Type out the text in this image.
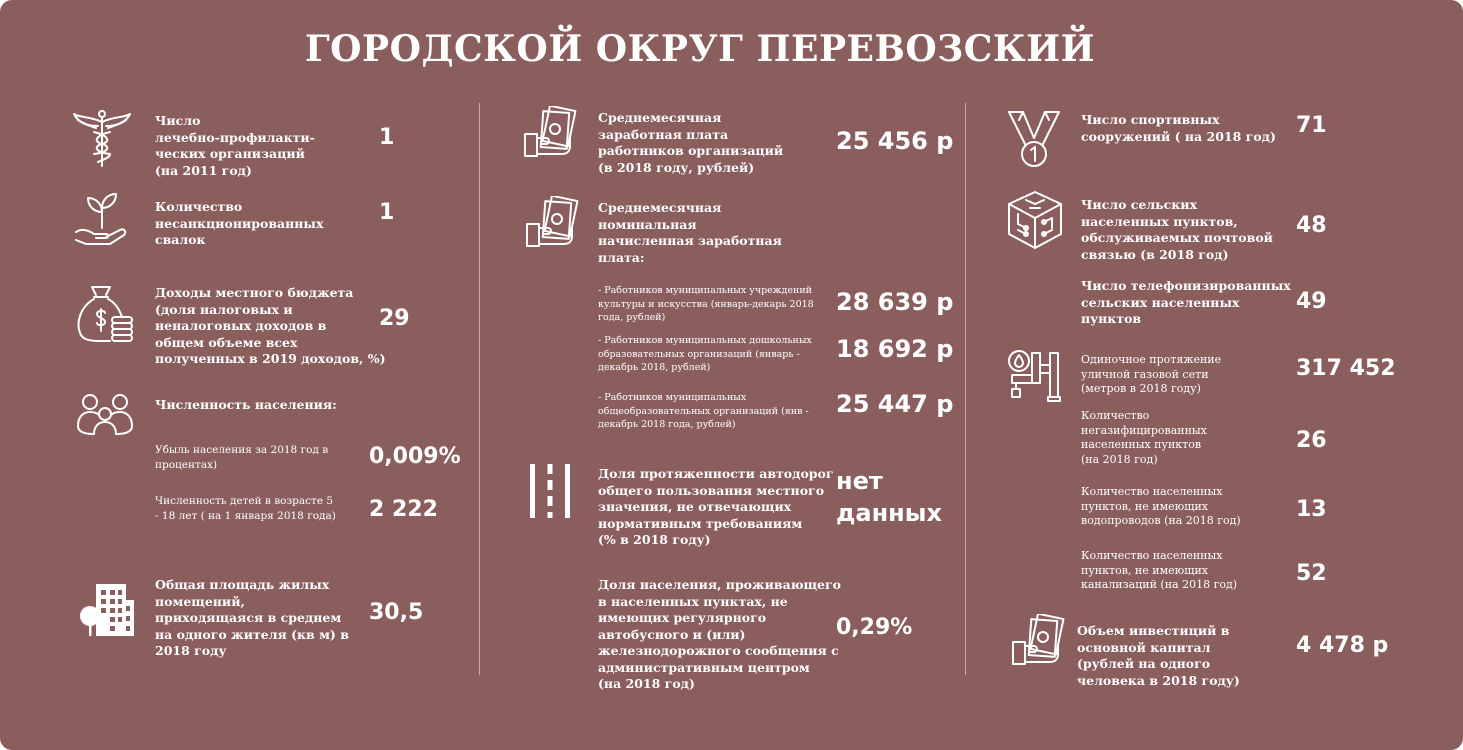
ГОРОДСКОЙ ОКРУГ ПЕРЕВОЗСКИЙ
Число
лечебно-профилакти-
ческих организаций
(на 2011 год)
1
Количество
несанкционированных
свалок
1
Доходы местного бюджета
(доля налоговых и
неналоговых доходов в
общем объеме всех
полученных в 2019 доходов, %)
29
Численность населения:
Убыль населения за 2018 год в
процентах)	0,009%
Численность детей в возрасте 5
- 18 лет ( на 1 января 2018 года) 2 222
Общая площадь жилых
помещений,
приходящаяся в среднем
на одного жителя (кв м) в
2018 году
30,5
Среднемесячная
заработная плата
работников организаций
(в 2018 году, рублей)
25 456 р
Среднемесячная
номинальная
начисленная заработная
плата:
- Работников муниципальных учреждений
культуры и искусства (январь-декарь 2018
года, рублей)
28 639 р
- Работников муниципальных дошкольных
образовательных организаций (январь -
декабрь 2018, рублей)
18 692 р
- Работников муниципальных
общеобразовательных организаций (янв -
декабрь 2018 года, рублей)
25 447 р
Доля протяженности автодорог
общего пользования местного
значения, не отвечающих
нормативным требованиям
(% в 2018 году)
нет
данных
Доля населения, проживающего
в населенных пунктах, не
имеющих регулярного
автобусного и (или)
железнодорожного сообщения с
административным центром
(на 2018 год)
0,29%
Число спортивных
сооружений ( на 2018 год) 71
Число сельских
населенных пунктов,
обслуживаемых почтовой
связью (в 2018 год)
48
Число телефонизированных
сельских населенных
пунктов
49
Одиночное протяжение
уличной газовой сети
(метров в 2018 году)
317 452
Количество
негазифицированных
населенных пунктов
(на 2018 год)
26
Количество населенных
пунктов, не имеющих
водопроводов (на 2018 год)	13
Количество населенных
пунктов, не имеющих
канализаций (на 2018 год)	52
Объем инвестиций в
основной капитал
(рублей на одного
человека в 2018 году)
4 478 р
